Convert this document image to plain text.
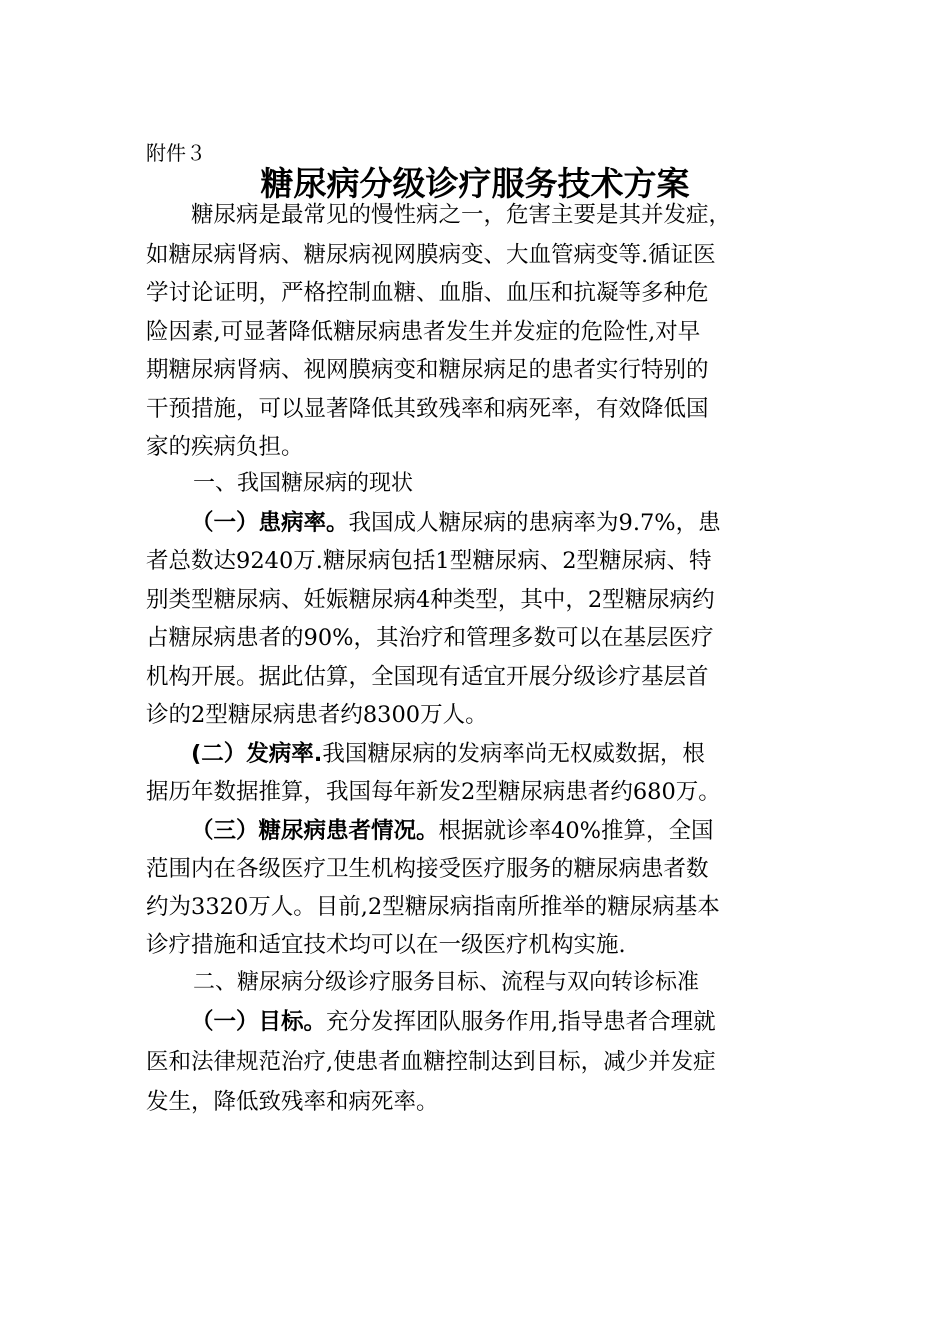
附件３
糖尿病分级诊疗服务技术方案
糖尿病是最常见的慢性病之一，危害主要是其并发症，
如糖尿病肾病、糖尿病视网膜病变、大血管病变等.循证医
学讨论证明，严格控制血糖、血脂、血压和抗凝等多种危
险因素,可显著降低糖尿病患者发生并发症的危险性,对早
期糖尿病肾病、视网膜病变和糖尿病足的患者实行特别的
干预措施，可以显著降低其致残率和病死率，有效降低国
家的疾病负担。
一、我国糖尿病的现状
（一）患病率。我国成人糖尿病的患病率为9.7%，患
者总数达9240万.糖尿病包括1型糖尿病、2型糖尿病、特
别类型糖尿病、妊娠糖尿病4种类型，其中，2型糖尿病约
占糖尿病患者的90%，其治疗和管理多数可以在基层医疗
机构开展。据此估算，全国现有适宜开展分级诊疗基层首
诊的2型糖尿病患者约8300万人。
(二）发病率.我国糖尿病的发病率尚无权威数据，根
据历年数据推算，我国每年新发2型糖尿病患者约680万。
（三）糖尿病患者情况。根据就诊率40%推算，全国
范围内在各级医疗卫生机构接受医疗服务的糖尿病患者数
约为3320万人。目前,2型糖尿病指南所推举的糖尿病基本
诊疗措施和适宜技术均可以在一级医疗机构实施.
二、糖尿病分级诊疗服务目标、流程与双向转诊标准
（一）目标。充分发挥团队服务作用,指导患者合理就
医和法律规范治疗,使患者血糖控制达到目标，减少并发症
发生，降低致残率和病死率。
